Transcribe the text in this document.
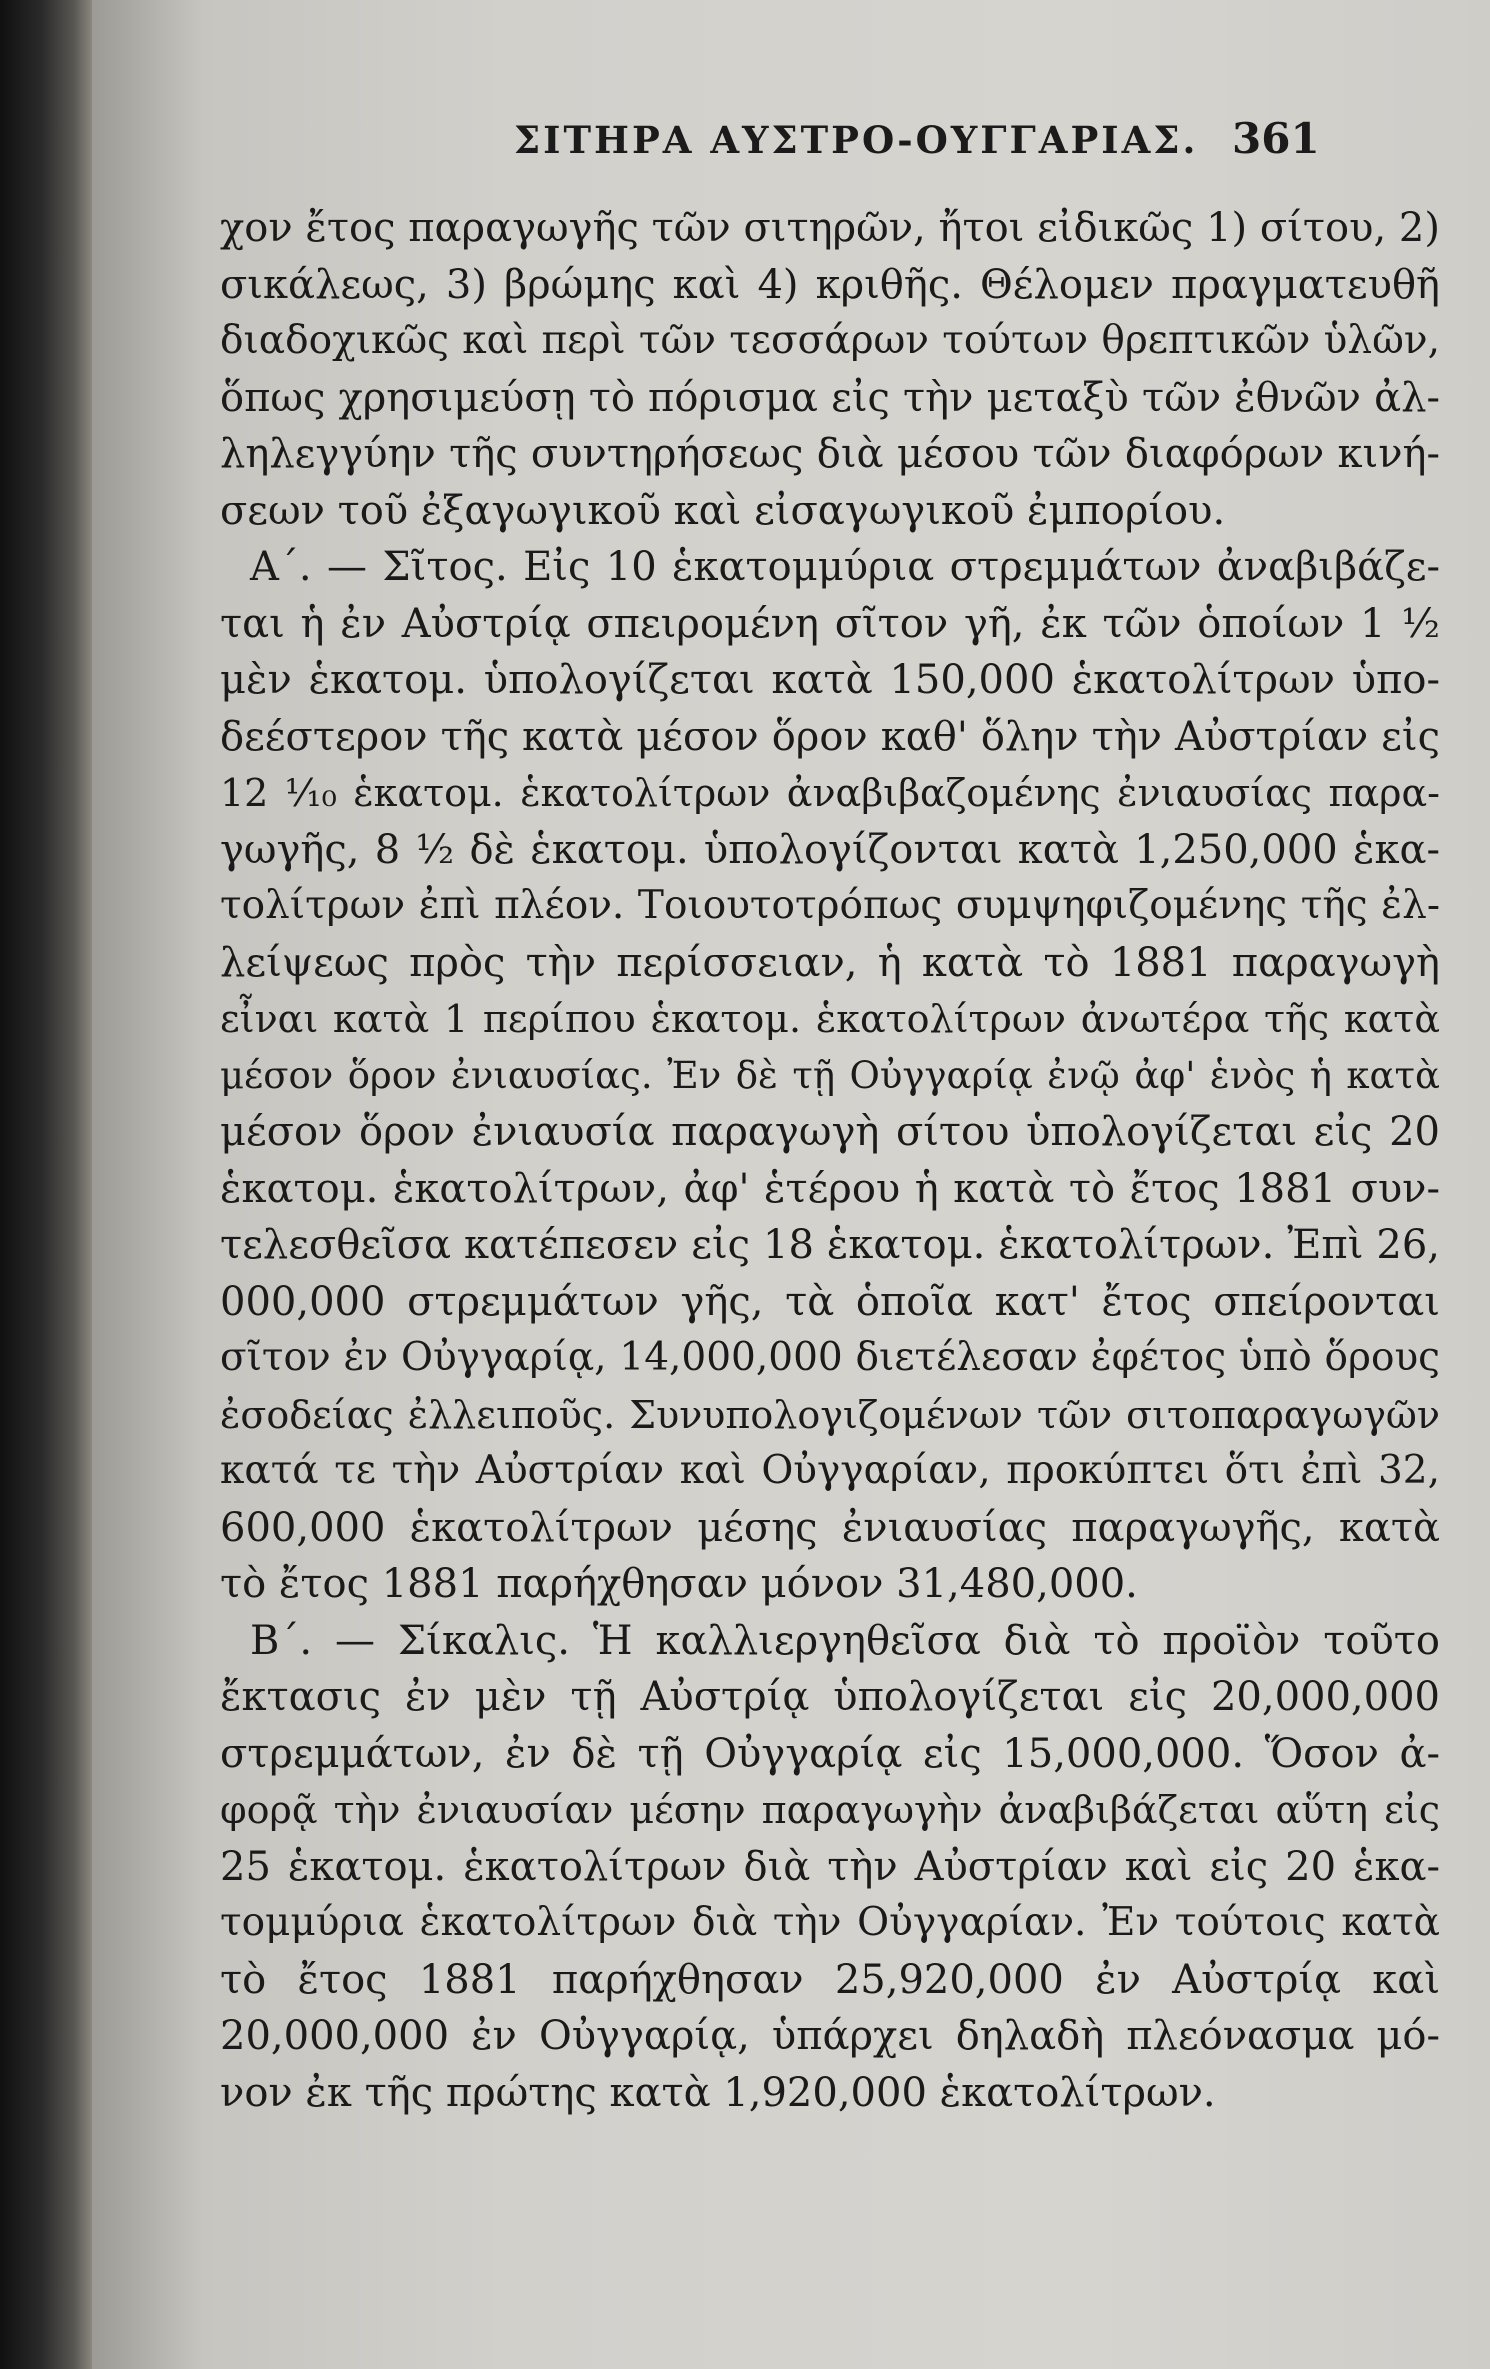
ΣΙΤΗΡΑ ΑΥΣΤΡΟ-ΟΥΓΓΑΡΙΑΣ. 361
χον ἔτος παραγωγῆς τῶν σιτηρῶν, ἤτοι εἰδικῶς 1) σίτου, 2)
σικάλεως, 3) βρώμης καὶ 4) κριθῆς. Θέλομεν πραγματευθῆ
διαδοχικῶς καὶ περὶ τῶν τεσσάρων τούτων θρεπτικῶν ὑλῶν,
ὅπως χρησιμεύσῃ τὸ πόρισμα εἰς τὴν μεταξὺ τῶν ἐθνῶν ἀλ-
ληλεγγύην τῆς συντηρήσεως διὰ μέσου τῶν διαφόρων κινή-
σεων τοῦ ἐξαγωγικοῦ καὶ εἰσαγωγικοῦ ἐμπορίου.
Α΄. — Σῖτος. Εἰς 10 ἑκατομμύρια στρεμμάτων ἀναβιβάζε-
ται ἡ ἐν Αὐστρίᾳ σπειρομένη σῖτον γῆ, ἐκ τῶν ὁποίων 1 ¹⁄₂
μὲν ἑκατομ. ὑπολογίζεται κατὰ 150,000 ἑκατολίτρων ὑπο-
δεέστερον τῆς κατὰ μέσον ὅρον καθ' ὅλην τὴν Αὐστρίαν εἰς
12 ¹⁄₁₀ ἑκατομ. ἑκατολίτρων ἀναβιβαζομένης ἐνιαυσίας παρα-
γωγῆς, 8 ¹⁄₂ δὲ ἑκατομ. ὑπολογίζονται κατὰ 1,250,000 ἑκα-
τολίτρων ἐπὶ πλέον. Τοιουτοτρόπως συμψηφιζομένης τῆς ἐλ-
λείψεως πρὸς τὴν περίσσειαν, ἡ κατὰ τὸ 1881 παραγωγὴ
εἶναι κατὰ 1 περίπου ἑκατομ. ἑκατολίτρων ἀνωτέρα τῆς κατὰ
μέσον ὅρον ἐνιαυσίας. Ἐν δὲ τῇ Οὐγγαρίᾳ ἐνῷ ἀφ' ἑνὸς ἡ κατὰ
μέσον ὅρον ἐνιαυσία παραγωγὴ σίτου ὑπολογίζεται εἰς 20
ἑκατομ. ἑκατολίτρων, ἀφ' ἑτέρου ἡ κατὰ τὸ ἔτος 1881 συν-
τελεσθεῖσα κατέπεσεν εἰς 18 ἑκατομ. ἑκατολίτρων. Ἐπὶ 26,
000,000 στρεμμάτων γῆς, τὰ ὁποῖα κατ' ἔτος σπείρονται
σῖτον ἐν Οὐγγαρίᾳ, 14,000,000 διετέλεσαν ἐφέτος ὑπὸ ὅρους
ἐσοδείας ἐλλειποῦς. Συνυπολογιζομένων τῶν σιτοπαραγωγῶν
κατά τε τὴν Αὐστρίαν καὶ Οὐγγαρίαν, προκύπτει ὅτι ἐπὶ 32,
600,000 ἑκατολίτρων μέσης ἐνιαυσίας παραγωγῆς, κατὰ
τὸ ἔτος 1881 παρήχθησαν μόνον 31,480,000.
Β΄. — Σίκαλις. Ἡ καλλιεργηθεῖσα διὰ τὸ προϊὸν τοῦτο
ἔκτασις ἐν μὲν τῇ Αὐστρίᾳ ὑπολογίζεται εἰς 20,000,000
στρεμμάτων, ἐν δὲ τῇ Οὐγγαρίᾳ εἰς 15,000,000. Ὅσον ἀ-
φορᾷ τὴν ἐνιαυσίαν μέσην παραγωγὴν ἀναβιβάζεται αὕτη εἰς
25 ἑκατομ. ἑκατολίτρων διὰ τὴν Αὐστρίαν καὶ εἰς 20 ἑκα-
τομμύρια ἑκατολίτρων διὰ τὴν Οὐγγαρίαν. Ἐν τούτοις κατὰ
τὸ ἔτος 1881 παρήχθησαν 25,920,000 ἐν Αὐστρίᾳ καὶ
20,000,000 ἐν Οὐγγαρίᾳ, ὑπάρχει δηλαδὴ πλεόνασμα μό-
νον ἐκ τῆς πρώτης κατὰ 1,920,000 ἑκατολίτρων.
